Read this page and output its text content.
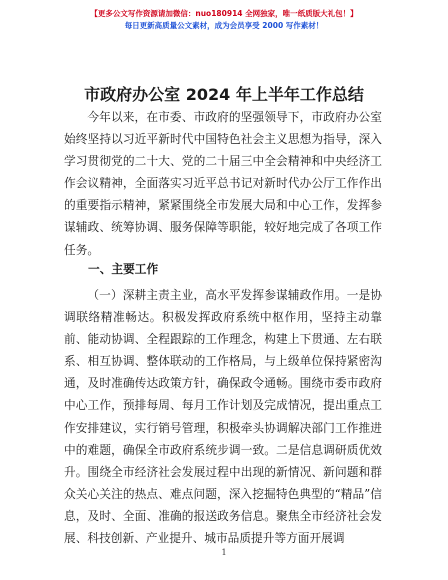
【更多公文写作资源请加微信：nuo180914 全网独家，唯一纸质版大礼包！】
每日更新高质量公文素材，成为会员享受 2000 写作素材！
市政府办公室 2024 年上半年工作总结

今年以来，在市委、市政府的坚强领导下，市政府办公室始终坚持以习近平新时代中国特色社会主义思想为指导，深入学习贯彻党的二十大、党的二十届三中全会精神和中央经济工作会议精神，全面落实习近平总书记对新时代办公厅工作作出的重要指示精神，紧紧围绕全市发展大局和中心工作，发挥参谋辅政、统筹协调、服务保障等职能，较好地完成了各项工作任务。

一、主要工作

（一）深耕主责主业，高水平发挥参谋辅政作用。一是协调联络精准畅达。积极发挥政府系统中枢作用，坚持主动靠前、能动协调、全程跟踪的工作理念，构建上下贯通、左右联系、相互协调、整体联动的工作格局，与上级单位保持紧密沟通，及时准确传达政策方针，确保政令通畅。围绕市委市政府中心工作，预排每周、每月工作计划及完成情况，提出重点工作安排建议，实行销号管理，积极牵头协调解决部门工作推进中的难题，确保全市政府系统步调一致。二是信息调研质优效升。围绕全市经济社会发展过程中出现的新情况、新问题和群众关心关注的热点、难点问题，深入挖掘特色典型的“精品”信息，及时、全面、准确的报送政务信息。聚焦全市经济社会发展、科技创新、产业提升、城市品质提升等方面开展调

1
